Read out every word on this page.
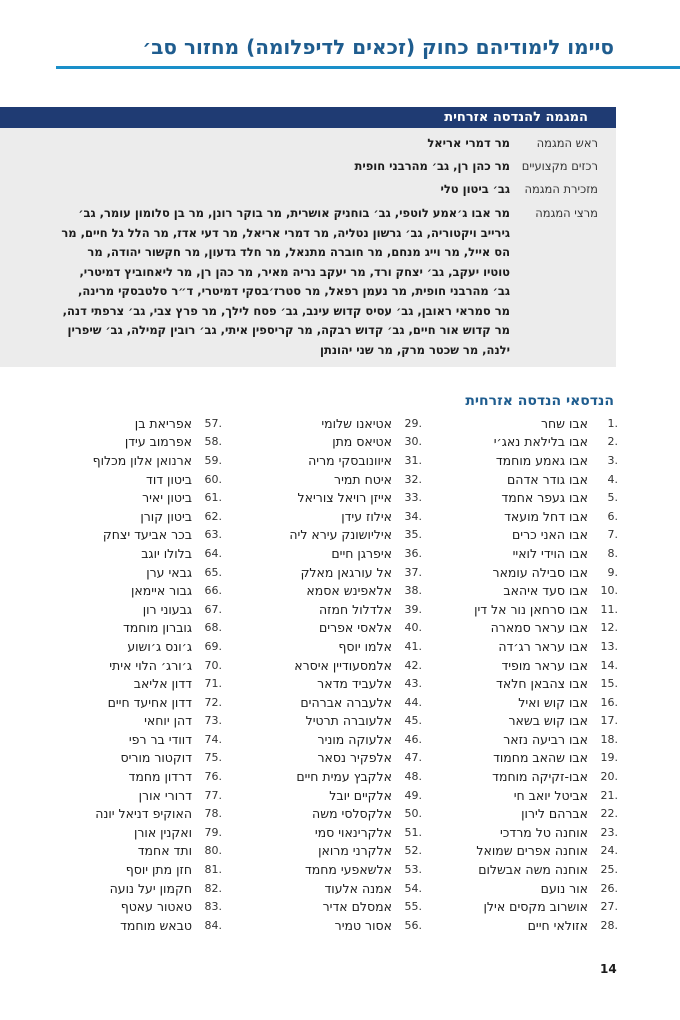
סיימו לימודיהם כחוק (זכאים לדיפלומה) מחזור סב׳
המגמה להנדסה אזרחית
ראש המגמה
מר דמרי אריאל
רכזים מקצועיים
מר כהן רן, גב׳ מהרבני חופית
מזכירת המגמה
גב׳ ביטון טלי
מרצי המגמה
מר אבו ג׳אמע לוטפי, גב׳ בוחניק אושרית, מר בוקר רונן, מר בן סלומון עומר, גב׳ גירייב ויקטוריה, גב׳ גרשון נטליה, מר דמרי אריאל, מר דעי אדז, מר הלל גל חיים, מר הס אייל, מר וייג מנחם, מר חוברה מתנאל, מר חלד גדעון, מר חקשור יהודה, מר טוטיו יעקב, גב׳ יצחק ורד, מר יעקב נריה מאיר, מר כהן רן, מר ליאחוביץ דמיטרי, גב׳ מהרבני חופית, מר נעמן רפאל, מר סטרז׳בסקי דמיטרי, ד״ר סלטבסקי מרינה, מר סמראי ראובן, גב׳ עסיס קדוש עינב, גב׳ פסח לילך, מר פרץ צבי, גב׳ צרפתי דנה, מר קדוש אור חיים, גב׳ קדוש רבקה, מר קריספין איתי, גב׳ רובין קמילה, גב׳ שיפרין ילנה, מר שכטר מרק, מר שני יהונתן
הנדסאי הנדסה אזרחית
1.
אבו שחר
2.
אבו בלילאת נאג׳י
3.
אבו גאמע מוחמד
4.
אבו גודר אדהם
5.
אבו געפר אחמד
6.
אבו דחל מועאד
7.
אבו האני כרים
8.
אבו הוידי לואיי
9.
אבו סבילה עומאר
10.
אבו סעד איהאב
11.
אבו סרחאן נור אל דין
12.
אבו עראר סמארה
13.
אבו עראר רג׳דה
14.
אבו עראר מופיד
15.
אבו צהבאן חלאד
16.
אבו קוש ואיל
17.
אבו קוש בשאר
18.
אבו רביעה נזאר
19.
אבו שהאב מחמוד
20.
אבו-זקיקה מוחמד
21.
אביטל יואב חי
22.
אברהם לירון
23.
אוחנה טל מרדכי
24.
אוחנה אפרים שמואל
25.
אוחנה משה אבשלום
26.
אור נועם
27.
אושרוב מקסים אילן
28.
אזולאי חיים
29.
אטיאנו שלומי
30.
אטיאס מתן
31.
איוונובסקי מריה
32.
איטח תמיר
33.
אייזן רויאל צוריאל
34.
אילוז עידן
35.
איליושונק עירא ליה
36.
איפרגן חיים
37.
אל עורגאן מאלק
38.
אלאפינש אסמא
39.
אלדלול חמזה
40.
אלאסי אפרים
41.
אלמו יוסף
42.
אלמסעודיין איסרא
43.
אלעביד מדאר
44.
אלעברה אברהים
45.
אלעוברה תרטיל
46.
אלעוקה מוניר
47.
אלפקיר נסאר
48.
אלקבץ עמית חיים
49.
אלקיים יובל
50.
אלקסלסי משה
51.
אלקרינאוי סמי
52.
אלקרני מרואן
53.
אלשאפעי מחמד
54.
אמנה אלעוד
55.
אמסלם אדיר
56.
אסור טמיר
57.
אפריאת בן
58.
אפרמוב עידן
59.
ארנואן אלון מכלוף
60.
ביטון דוד
61.
ביטון יאיר
62.
ביטון קורן
63.
בכר אביעד יצחק
64.
בלולו יוגב
65.
גבאי ערן
66.
גבור איימאן
67.
גבעוני רון
68.
גוברון מוחמד
69.
ג׳ונס ג׳ושוע
70.
ג׳ורג׳ הלוי איתי
71.
דדון אליאב
72.
דדון אחיעד חיים
73.
דהן יוחאי
74.
דוודי בר רפי
75.
דוקטור מוריס
76.
דרדון מחמד
77.
דרורי אורן
78.
האוקיפ דניאל יונה
79.
ואקנין אורן
80.
ותד אחמד
81.
חזן מתן יוסף
82.
חקמון יעל נועה
83.
טאטור עאטף
84.
טבאש מוחמד
14
